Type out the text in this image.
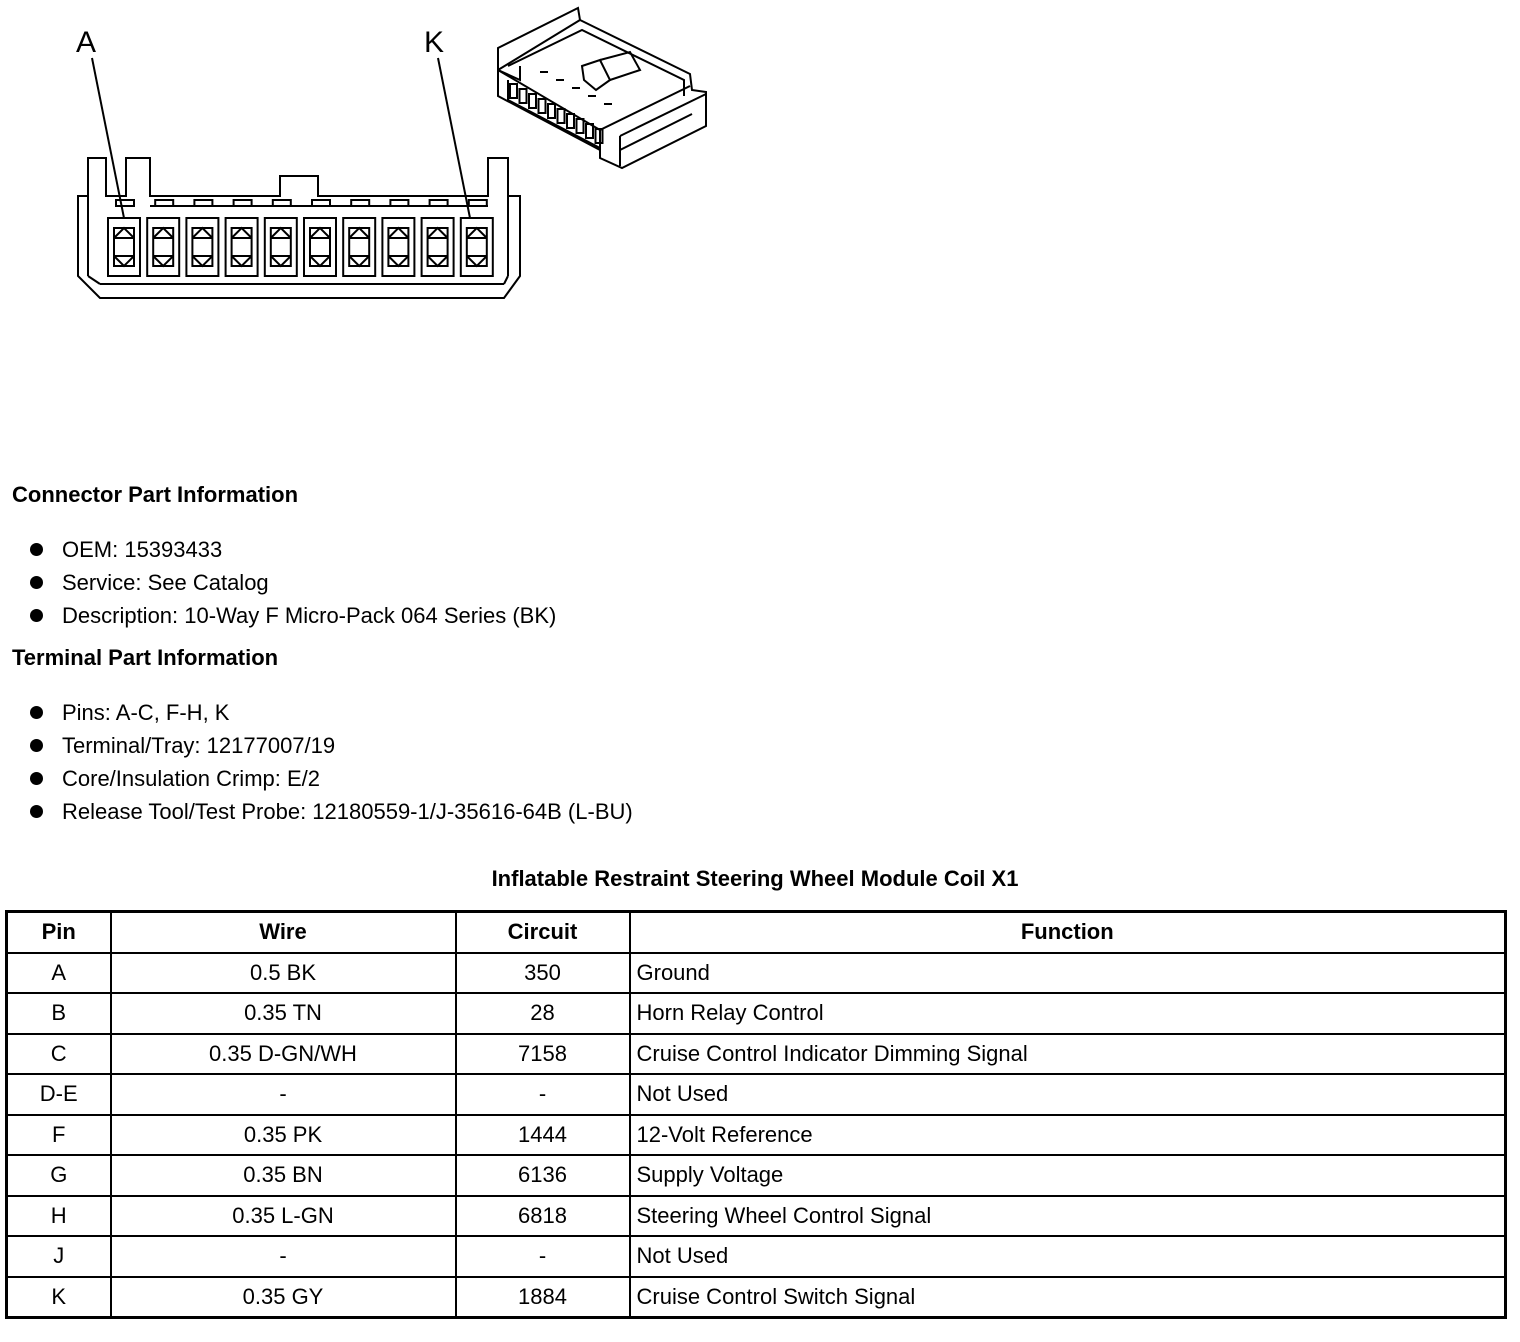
A	K
Connector Part Information
OEM: 15393433
Service: See Catalog
Description: 10-Way F Micro-Pack 064 Series (BK)
Terminal Part Information
Pins: A-C, F-H, K
Terminal/Tray: 12177007/19
Core/Insulation Crimp: E/2
Release Tool/Test Probe: 12180559-1/J-35616-64B (L-BU)
Inflatable Restraint Steering Wheel Module Coil X1
Pin	Wire	Circuit	Function
A	0.5 BK	350	Ground
B	0.35 TN	28	Horn Relay Control
C	0.35 D-GN/WH	7158	Cruise Control Indicator Dimming Signal
D-E	-	-	Not Used
F	0.35 PK	1444	12-Volt Reference
G	0.35 BN	6136	Supply Voltage
H	0.35 L-GN	6818	Steering Wheel Control Signal
J	-	-	Not Used
K	0.35 GY	1884	Cruise Control Switch Signal
